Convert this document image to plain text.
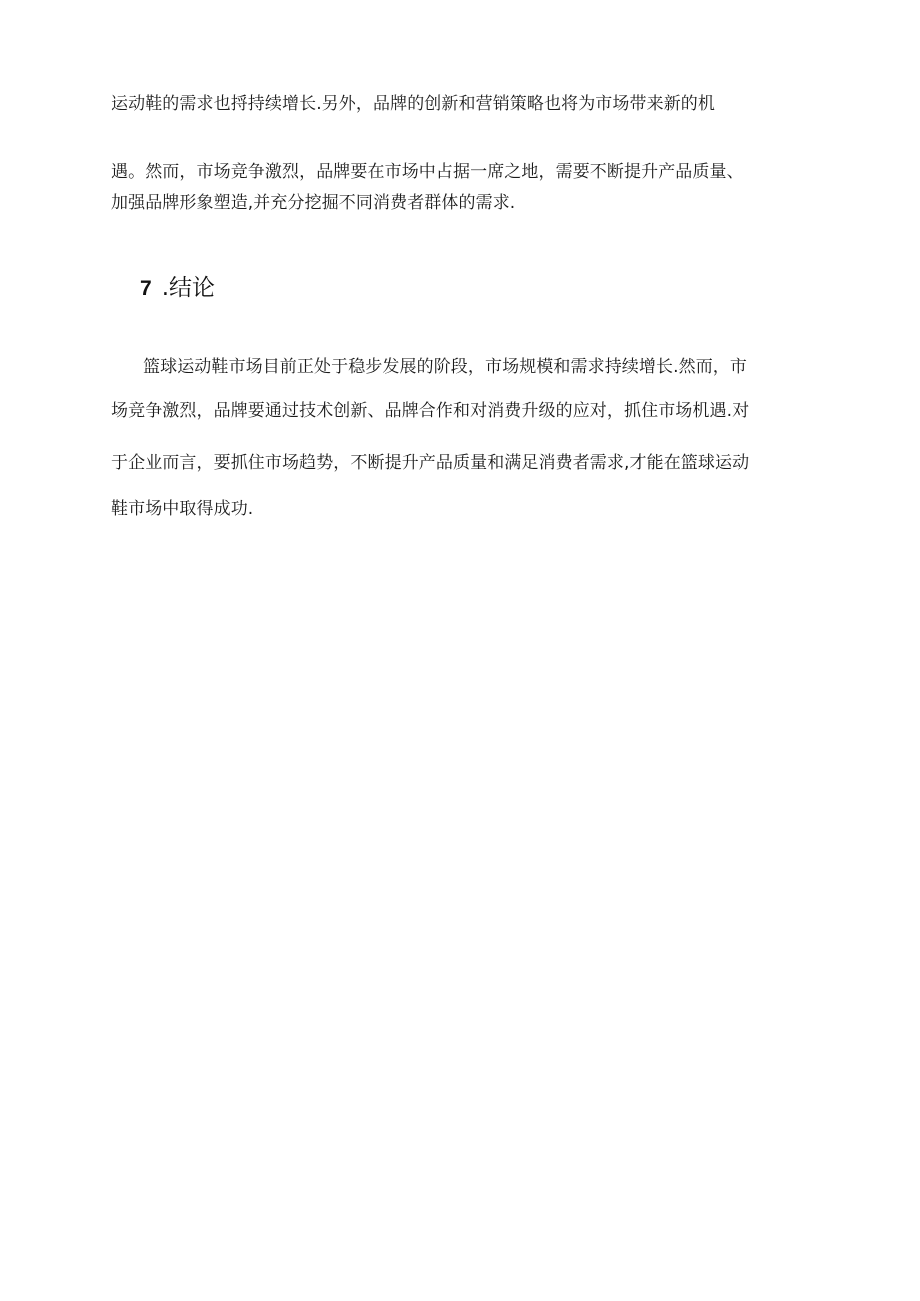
运动鞋的需求也捋持续增长.另外，品牌的创新和营销策略也将为市场带来新的机
遇。然而，市场竞争激烈，品牌要在市场中占据一席之地，需要不断提升产品质量、
加强品牌形象塑造,并充分挖掘不同消费者群体的需求.
7 .结论
篮球运动鞋市场目前正处于稳步发展的阶段，市场规模和需求持续增长.然而，市
场竞争激烈，品牌要通过技术创新、品牌合作和对消费升级的应对，抓住市场机遇.对
于企业而言，要抓住市场趋势，不断提升产品质量和满足消费者需求,才能在篮球运动
鞋市场中取得成功.
